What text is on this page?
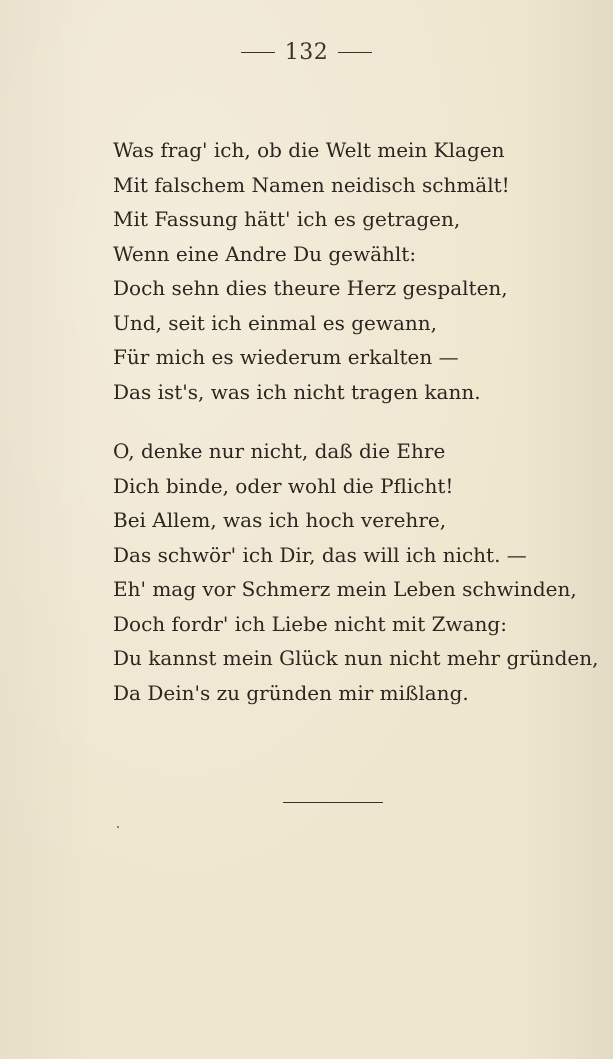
132
Was frag' ich, ob die Welt mein Klagen
Mit falschem Namen neidisch schmält!
Mit Fassung hätt' ich es getragen,
Wenn eine Andre Du gewählt:
Doch sehn dies theure Herz gespalten,
Und, seit ich einmal es gewann,
Für mich es wiederum erkalten —
Das ist's, was ich nicht tragen kann.
O, denke nur nicht, daß die Ehre
Dich binde, oder wohl die Pflicht!
Bei Allem, was ich hoch verehre,
Das schwör' ich Dir, das will ich nicht. —
Eh' mag vor Schmerz mein Leben schwinden,
Doch fordr' ich Liebe nicht mit Zwang:
Du kannst mein Glück nun nicht mehr gründen,
Da Dein's zu gründen mir mißlang.
